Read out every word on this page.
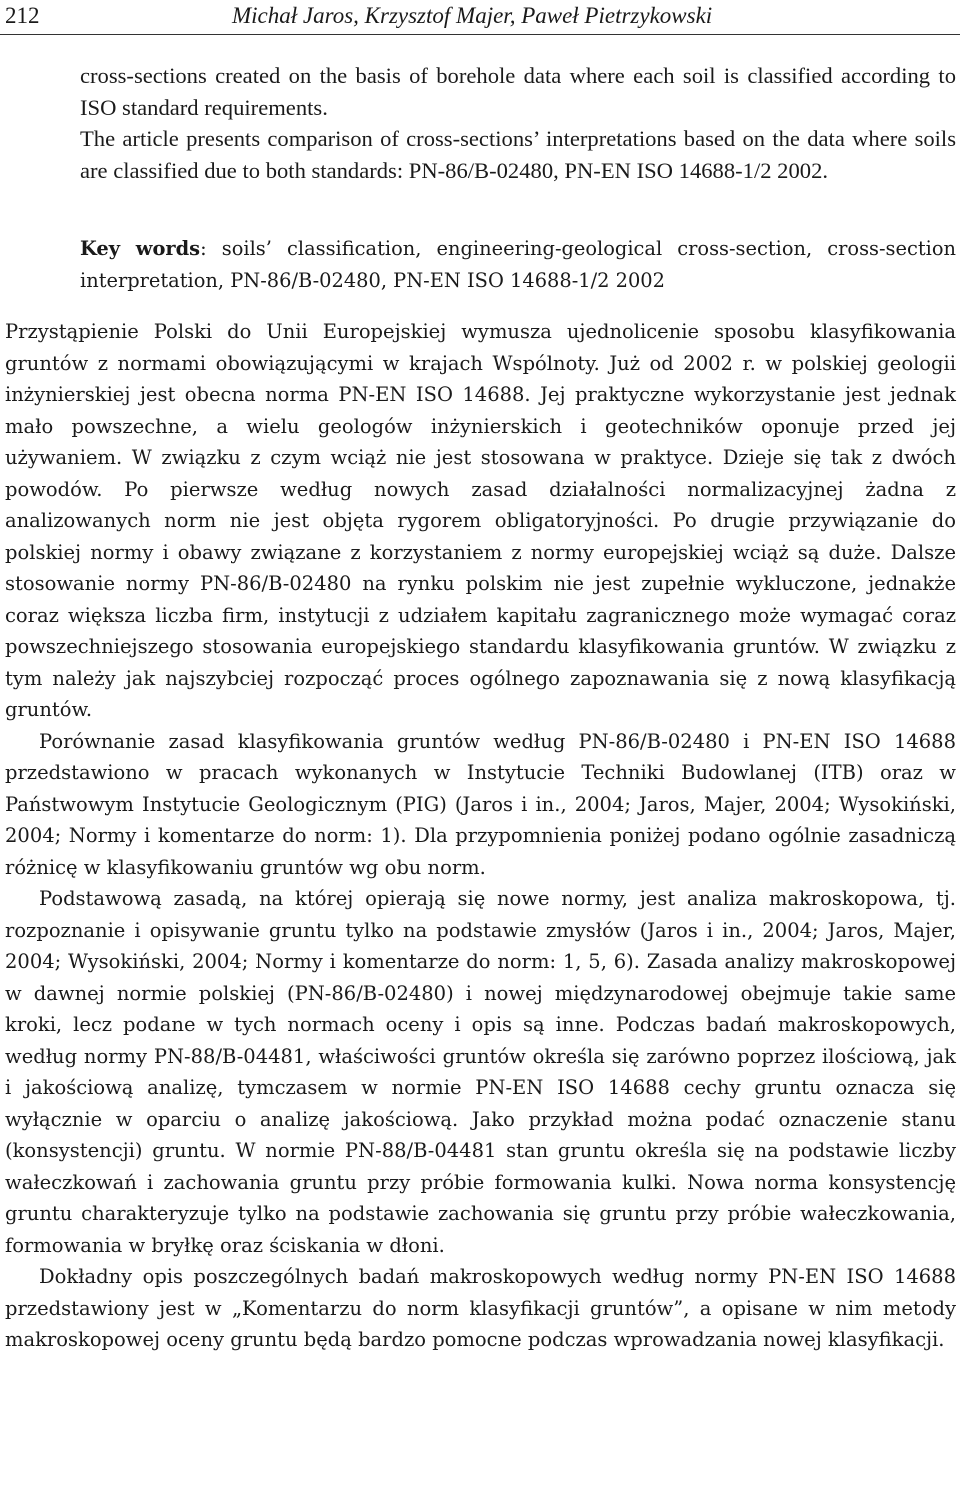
212	Michał Jaros, Krzysztof Majer, Paweł Pietrzykowski

cross-sections created on the basis of borehole data where each soil is classified according to ISO standard requirements.

The article presents comparison of cross-sections’ interpretations based on the data where soils are classified due to both standards: PN-86/B-02480, PN-EN ISO 14688-1/2 2002.

Key words: soils’ classification, engineering-geological cross-section, cross-section interpretation, PN-86/B-02480, PN-EN ISO 14688-1/2 2002

Przystąpienie Polski do Unii Europejskiej wymusza ujednolicenie sposobu klasyfikowania gruntów z normami obowiązującymi w krajach Wspólnoty. Już od 2002 r. w polskiej geologii inżynierskiej jest obecna norma PN-EN ISO 14688. Jej praktyczne wykorzystanie jest jednak mało powszechne, a wielu geologów inżynierskich i geotechników oponuje przed jej używaniem. W związku z czym wciąż nie jest stosowana w praktyce. Dzieje się tak z dwóch powodów. Po pierwsze według nowych zasad działalności normalizacyjnej żadna z analizowanych norm nie jest objęta rygorem obligatoryjności. Po drugie przywiązanie do polskiej normy i obawy związane z korzystaniem z normy europejskiej wciąż są duże. Dalsze stosowanie normy PN-86/B-02480 na rynku polskim nie jest zupełnie wykluczone, jednakże coraz większa liczba firm, instytucji z udziałem kapitału zagranicznego może wymagać coraz powszechniejszego stosowania europejskiego standardu klasyfikowania gruntów. W związku z tym należy jak najszybciej rozpocząć proces ogólnego zapoznawania się z nową klasyfikacją gruntów.

Porównanie zasad klasyfikowania gruntów według PN-86/B-02480 i PN-EN ISO 14688 przedstawiono w pracach wykonanych w Instytucie Techniki Budowlanej (ITB) oraz w Państwowym Instytucie Geologicznym (PIG) (Jaros i in., 2004; Jaros, Majer, 2004; Wysokiński, 2004; Normy i komentarze do norm: 1). Dla przypomnienia poniżej podano ogólnie zasadniczą różnicę w klasyfikowaniu gruntów wg obu norm.

Podstawową zasadą, na której opierają się nowe normy, jest analiza makroskopowa, tj. rozpoznanie i opisywanie gruntu tylko na podstawie zmysłów (Jaros i in., 2004; Jaros, Majer, 2004; Wysokiński, 2004; Normy i komentarze do norm: 1, 5, 6). Zasada analizy makroskopowej w dawnej normie polskiej (PN-86/B-02480) i nowej międzynarodowej obejmuje takie same kroki, lecz podane w tych normach oceny i opis są inne. Podczas badań makroskopowych, według normy PN-88/B-04481, właściwości gruntów określa się zarówno poprzez ilościową, jak i jakościową analizę, tymczasem w normie PN-EN ISO 14688 cechy gruntu oznacza się wyłącznie w oparciu o analizę jakościową. Jako przykład można podać oznaczenie stanu (konsystencji) gruntu. W normie PN-88/B-04481 stan gruntu określa się na podstawie liczby wałeczkowań i zachowania gruntu przy próbie formowania kulki. Nowa norma konsystencję gruntu charakteryzuje tylko na podstawie zachowania się gruntu przy próbie wałeczkowania, formowania w bryłkę oraz ściskania w dłoni.

Dokładny opis poszczególnych badań makroskopowych według normy PN-EN ISO 14688 przedstawiony jest w „Komentarzu do norm klasyfikacji gruntów”, a opisane w nim metody makroskopowej oceny gruntu będą bardzo pomocne podczas wprowadzania nowej klasyfikacji.
